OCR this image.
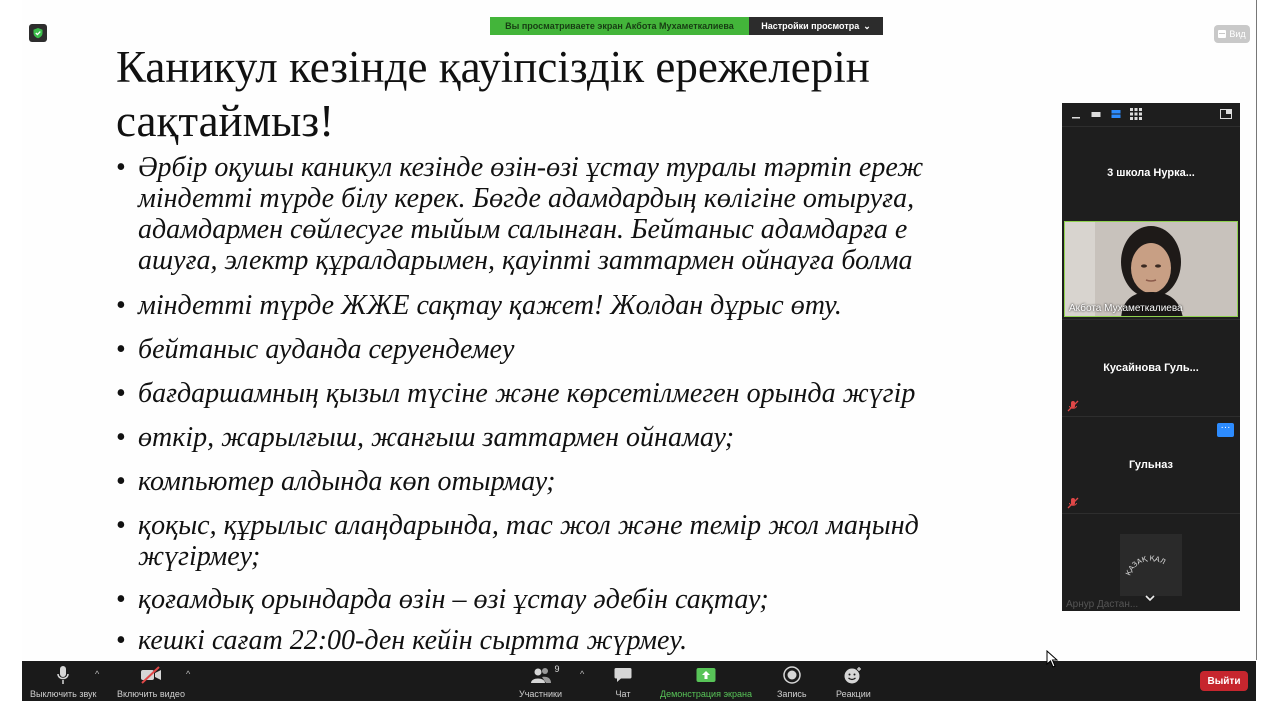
Каникул кезінде қауіпсіздік ережелерін
сақтаймыз!
• Әрбір оқушы каникул кезінде өзін-өзі ұстау туралы тәртіп ереж
міндетті түрде білу керек. Бөгде адамдардың көлігіне отыруға,
адамдармен сөйлесуге тыйым салынған. Бейтаныс адамдарға е
ашуға, электр құралдарымен, қауіпті заттармен ойнауға болма
• міндетті түрде ЖЖЕ сақтау қажет! Жолдан дұрыс өту.
• бейтаныс ауданда серуендемеу
• бағдаршамның қызыл түсіне және көрсетілмеген орында жүгір
• өткір, жарылғыш, жанғыш заттармен ойнамау;
• компьютер алдында көп отырмау;
• қоқыс, құрылыс алаңдарында, тас жол және темір жол маңынд
жүгірмеу;
• қоғамдық орындарда өзін – өзі ұстау әдебін сақтау;
• кешкі сағат 22:00-ден кейін сыртта жүрмеу.
Вы просматриваете экран Акбота Мухаметкалиева	Настройки просмотра ⌄
Вид
3 школа Нурка...
Акбота Мухаметкалиева
Кусайнова Гуль...
···
Гульназ
ҚАЗАҚ ҚАЛ
Арнур Дастан...
Выключить звук
^
Включить видео
^	9
Участники
^
Чат	Демонстрация экрана	Запись	Реакции
Выйти
